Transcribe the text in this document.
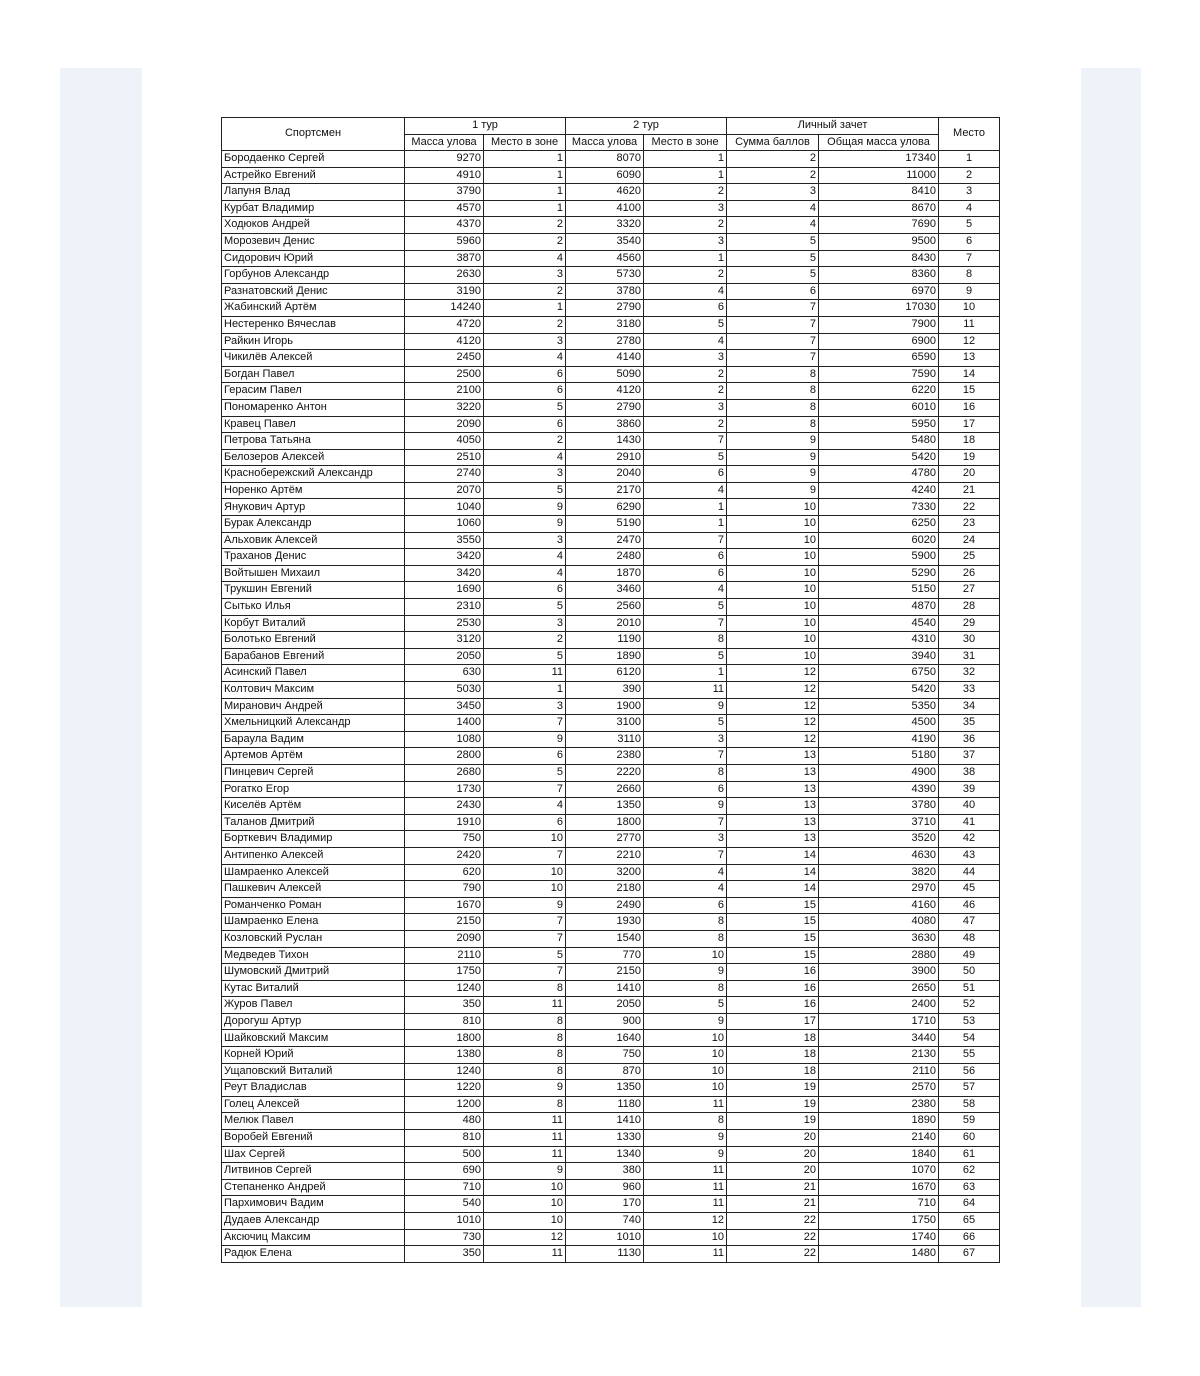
Спортсмен	1 тур		2 тур		Личный зачет		Место
	Масса улова	Место в зоне	Масса улова	Место в зоне	Сумма баллов	Общая масса улова	
Бородаенко Сергей	9270	1	8070	1	2	17340	1
Астрейко Евгений	4910	1	6090	1	2	11000	2
Лапуня Влад	3790	1	4620	2	3	8410	3
Курбат Владимир	4570	1	4100	3	4	8670	4
Ходюков Андрей	4370	2	3320	2	4	7690	5
Морозевич Денис	5960	2	3540	3	5	9500	6
Сидорович Юрий	3870	4	4560	1	5	8430	7
Горбунов Александр	2630	3	5730	2	5	8360	8
Разнатовский Денис	3190	2	3780	4	6	6970	9
Жабинский Артём	14240	1	2790	6	7	17030	10
Нестеренко Вячеслав	4720	2	3180	5	7	7900	11
Райкин Игорь	4120	3	2780	4	7	6900	12
Чикилёв Алексей	2450	4	4140	3	7	6590	13
Богдан Павел	2500	6	5090	2	8	7590	14
Герасим Павел	2100	6	4120	2	8	6220	15
Пономаренко Антон	3220	5	2790	3	8	6010	16
Кравец Павел	2090	6	3860	2	8	5950	17
Петрова Татьяна	4050	2	1430	7	9	5480	18
Белозеров Алексей	2510	4	2910	5	9	5420	19
Краснобережский Александр	2740	3	2040	6	9	4780	20
Норенко Артём	2070	5	2170	4	9	4240	21
Янукович Артур	1040	9	6290	1	10	7330	22
Бурак Александр	1060	9	5190	1	10	6250	23
Альховик Алексей	3550	3	2470	7	10	6020	24
Траханов Денис	3420	4	2480	6	10	5900	25
Войтышен Михаил	3420	4	1870	6	10	5290	26
Трукшин Евгений	1690	6	3460	4	10	5150	27
Сытько Илья	2310	5	2560	5	10	4870	28
Корбут Виталий	2530	3	2010	7	10	4540	29
Болотько Евгений	3120	2	1190	8	10	4310	30
Барабанов Евгений	2050	5	1890	5	10	3940	31
Асинский Павел	630	11	6120	1	12	6750	32
Колтович Максим	5030	1	390	11	12	5420	33
Миранович Андрей	3450	3	1900	9	12	5350	34
Хмельницкий Александр	1400	7	3100	5	12	4500	35
Бараула Вадим	1080	9	3110	3	12	4190	36
Артемов Артём	2800	6	2380	7	13	5180	37
Пинцевич Сергей	2680	5	2220	8	13	4900	38
Рогатко Егор	1730	7	2660	6	13	4390	39
Киселёв Артём	2430	4	1350	9	13	3780	40
Таланов Дмитрий	1910	6	1800	7	13	3710	41
Борткевич Владимир	750	10	2770	3	13	3520	42
Антипенко Алексей	2420	7	2210	7	14	4630	43
Шамраенко Алексей	620	10	3200	4	14	3820	44
Пашкевич Алексей	790	10	2180	4	14	2970	45
Романченко Роман	1670	9	2490	6	15	4160	46
Шамраенко Елена	2150	7	1930	8	15	4080	47
Козловский Руслан	2090	7	1540	8	15	3630	48
Медведев Тихон	2110	5	770	10	15	2880	49
Шумовский Дмитрий	1750	7	2150	9	16	3900	50
Кутас Виталий	1240	8	1410	8	16	2650	51
Журов Павел	350	11	2050	5	16	2400	52
Дорогуш Артур	810	8	900	9	17	1710	53
Шайковский Максим	1800	8	1640	10	18	3440	54
Корней Юрий	1380	8	750	10	18	2130	55
Ущаповский Виталий	1240	8	870	10	18	2110	56
Реут Владислав	1220	9	1350	10	19	2570	57
Голец Алексей	1200	8	1180	11	19	2380	58
Мелюк Павел	480	11	1410	8	19	1890	59
Воробей Евгений	810	11	1330	9	20	2140	60
Шах Сергей	500	11	1340	9	20	1840	61
Литвинов Сергей	690	9	380	11	20	1070	62
Степаненко Андрей	710	10	960	11	21	1670	63
Пархимович Вадим	540	10	170	11	21	710	64
Дудаев Александр	1010	10	740	12	22	1750	65
Аксючиц Максим	730	12	1010	10	22	1740	66
Радюк Елена	350	11	1130	11	22	1480	67
